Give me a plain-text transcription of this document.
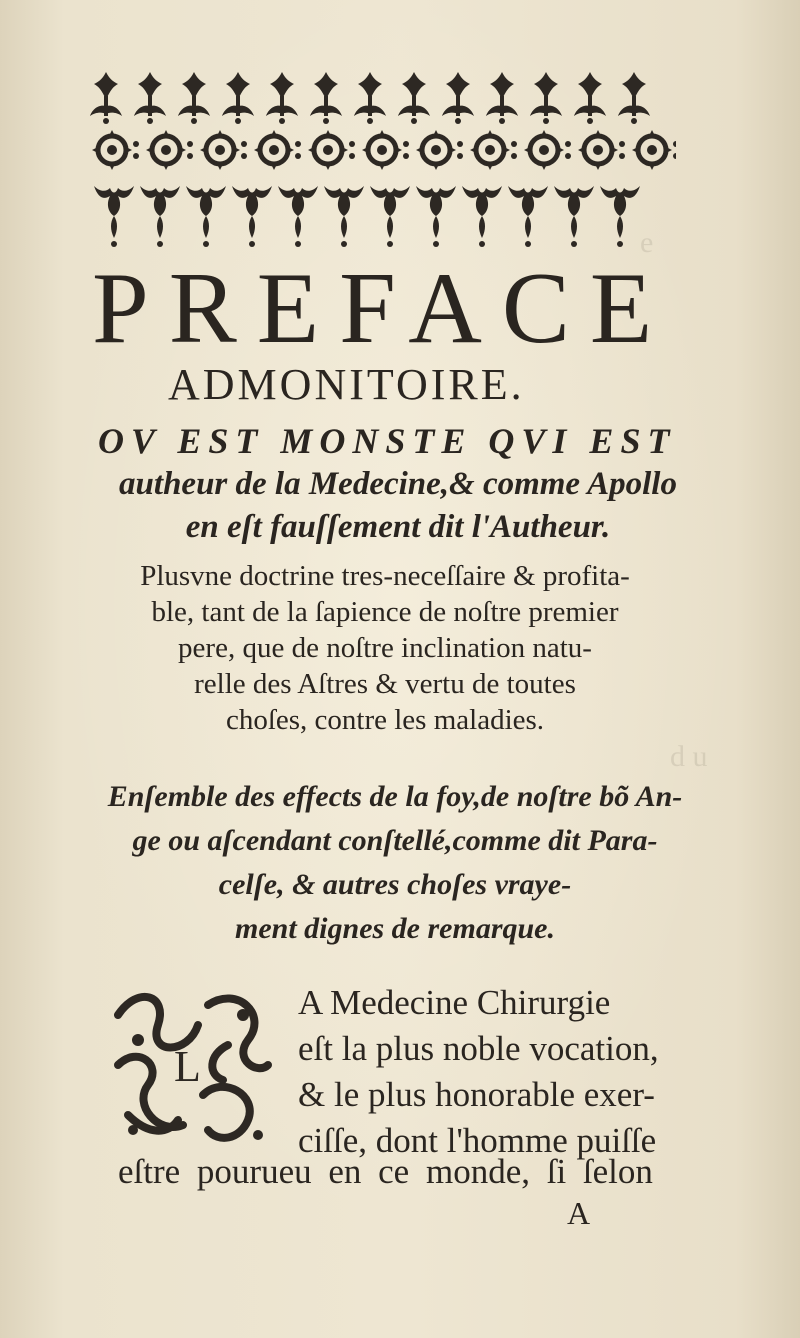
e
d u
PREFACE
ADMONITOIRE.
OV EST MONSTE QVI EST
autheur de la Medecine,& comme Apollo
en eſt fauſſement dit l'Autheur.
Plusvne doctrine tres-neceſſaire & profita-
ble, tant de la ſapience de noſtre premier
pere, que de noſtre inclination natu-
relle des Aſtres & vertu de toutes
choſes, contre les maladies.
Enſemble des effects de la foy,de noſtre bõ An-
ge ou aſcendant conſtellé,comme dit Para-
celſe, & autres choſes vraye-
ment dignes de remarque.
L
A Medecine Chirurgie
eſt la plus noble vocation,
& le plus honorable exer-
ciſſe, dont l'homme puiſſe
eſtre pourueu en ce monde, ſi ſelon
A
